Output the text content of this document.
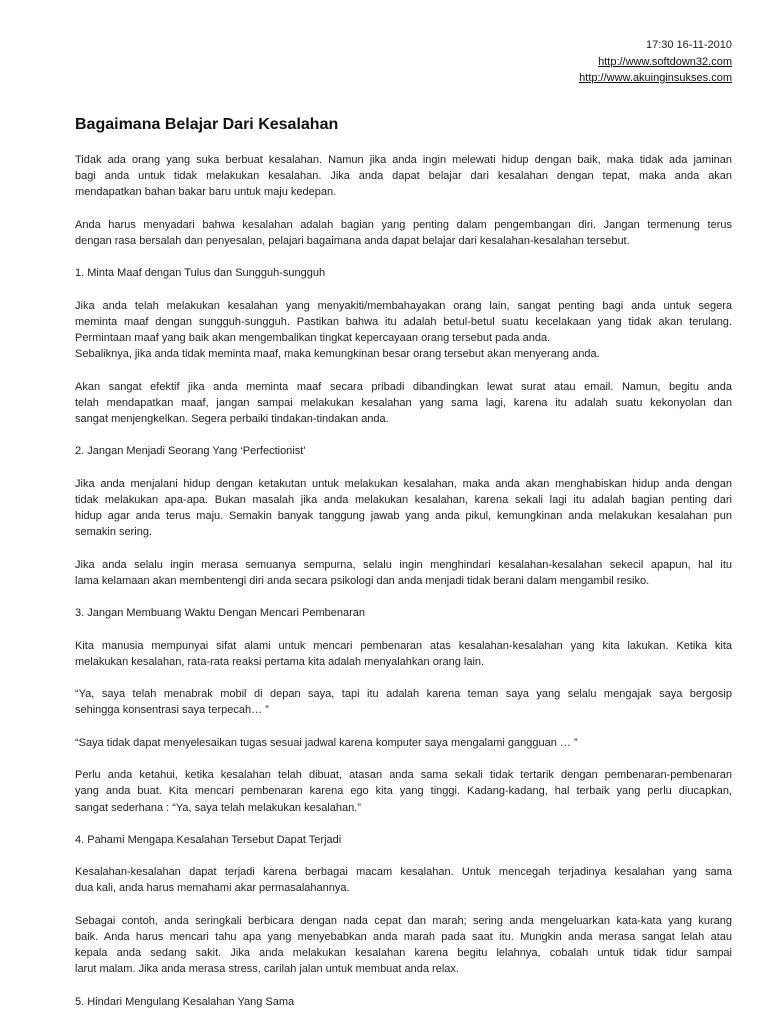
17:30 16-11-2010
http://www.softdown32.com
http://www.akuinginsukses.com
Bagaimana Belajar Dari Kesalahan
Tidak ada orang yang suka berbuat kesalahan. Namun jika anda ingin melewati hidup dengan baik, maka tidak ada jaminan
bagi anda untuk tidak melakukan kesalahan. Jika anda dapat belajar dari kesalahan dengan tepat, maka anda akan
mendapatkan bahan bakar baru untuk maju kedepan.
Anda harus menyadari bahwa kesalahan adalah bagian yang penting dalam pengembangan diri. Jangan termenung terus
dengan rasa bersalah dan penyesalan, pelajari bagaimana anda dapat belajar dari kesalahan-kesalahan tersebut.
1. Minta Maaf dengan Tulus dan Sungguh-sungguh
Jika anda telah melakukan kesalahan yang menyakiti/membahayakan orang lain, sangat penting bagi anda untuk segera
meminta maaf dengan sungguh-sungguh. Pastikan bahwa itu adalah betul-betul suatu kecelakaan yang tidak akan terulang.
Permintaan maaf yang baik akan mengembalikan tingkat kepercayaan orang tersebut pada anda.
Sebaliknya, jika anda tidak meminta maaf, maka kemungkinan besar orang tersebut akan menyerang anda.
Akan sangat efektif jika anda meminta maaf secara pribadi dibandingkan lewat surat atau email. Namun, begitu anda
telah mendapatkan maaf, jangan sampai melakukan kesalahan yang sama lagi, karena itu adalah suatu kekonyolan dan
sangat menjengkelkan. Segera perbaiki tindakan-tindakan anda.
2. Jangan Menjadi Seorang Yang ‘Perfectionist’
Jika anda menjalani hidup dengan ketakutan untuk melakukan kesalahan, maka anda akan menghabiskan hidup anda dengan
tidak melakukan apa-apa. Bukan masalah jika anda melakukan kesalahan, karena sekali lagi itu adalah bagian penting dari
hidup agar anda terus maju. Semakin banyak tanggung jawab yang anda pikul, kemungkinan anda melakukan kesalahan pun
semakin sering.
Jika anda selalu ingin merasa semuanya sempurna, selalu ingin menghindari kesalahan-kesalahan sekecil apapun, hal itu
lama kelamaan akan membentengi diri anda secara psikologi dan anda menjadi tidak berani dalam mengambil resiko.
3. Jangan Membuang Waktu Dengan Mencari Pembenaran
Kita manusia mempunyai sifat alami untuk mencari pembenaran atas kesalahan-kesalahan yang kita lakukan. Ketika kita
melakukan kesalahan, rata-rata reaksi pertama kita adalah menyalahkan orang lain.
“Ya, saya telah menabrak mobil di depan saya, tapi itu adalah karena teman saya yang selalu mengajak saya bergosip
sehingga konsentrasi saya terpecah… ”
“Saya tidak dapat menyelesaikan tugas sesuai jadwal karena komputer saya mengalami gangguan … ”
Perlu anda ketahui, ketika kesalahan telah dibuat, atasan anda sama sekali tidak tertarik dengan pembenaran-pembenaran
yang anda buat. Kita mencari pembenaran karena ego kita yang tinggi. Kadang-kadang, hal terbaik yang perlu diucapkan,
sangat sederhana : “Ya, saya telah melakukan kesalahan.”
4. Pahami Mengapa Kesalahan Tersebut Dapat Terjadi
Kesalahan-kesalahan dapat terjadi karena berbagai macam kesalahan. Untuk mencegah terjadinya kesalahan yang sama
dua kali, anda harus memahami akar permasalahannya.
Sebagai contoh, anda seringkali berbicara dengan nada cepat dan marah; sering anda mengeluarkan kata-kata yang kurang
baik. Anda harus mencari tahu apa yang menyebabkan anda marah pada saat itu. Mungkin anda merasa sangat lelah atau
kepala anda sedang sakit. Jika anda melakukan kesalahan karena begitu lelahnya, cobalah untuk tidak tidur sampai
larut malam. Jika anda merasa stress, carilah jalan untuk membuat anda relax.
5. Hindari Mengulang Kesalahan Yang Sama
